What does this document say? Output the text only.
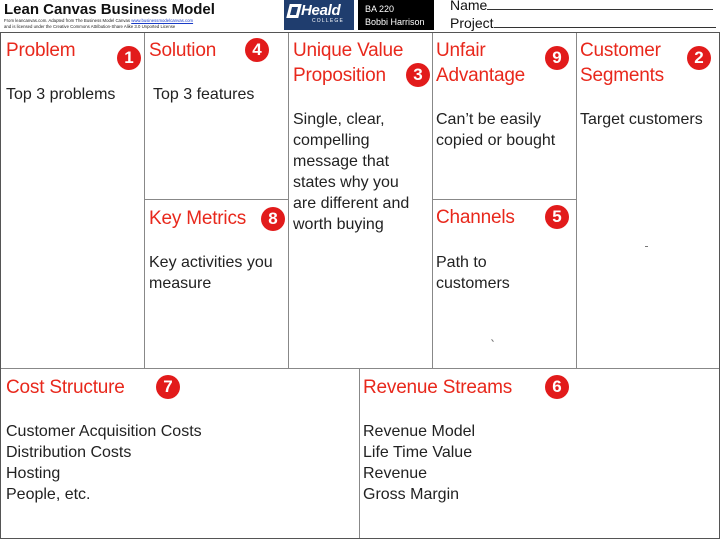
Lean Canvas Business Model
From leancanvas.com. Adapted from The Business Model Canvas www.businessmodelcanvas.com
and is licensed under the Creative Commons Attribution-Share Alike 3.0 Unported License
Heald
COLLEGE
BA 220
Bobbi Harrison
Name
Project
Problem	1
Top 3 problems
Solution	4
Top 3 features
Key Metrics	8
Key activities you
measure
Unique Value
Proposition	3
Single, clear,
compelling
message that
states why you
are different and
worth buying
Unfair
Advantage
9
Can’t be easily
copied or bought
Channels	5
Path to
customers
Customer
Segments
2
Target customers
Cost Structure	7
Customer Acquisition Costs
Distribution Costs
Hosting
People, etc.
Revenue Streams	6
Revenue Model
Life Time Value
Revenue
Gross Margin
